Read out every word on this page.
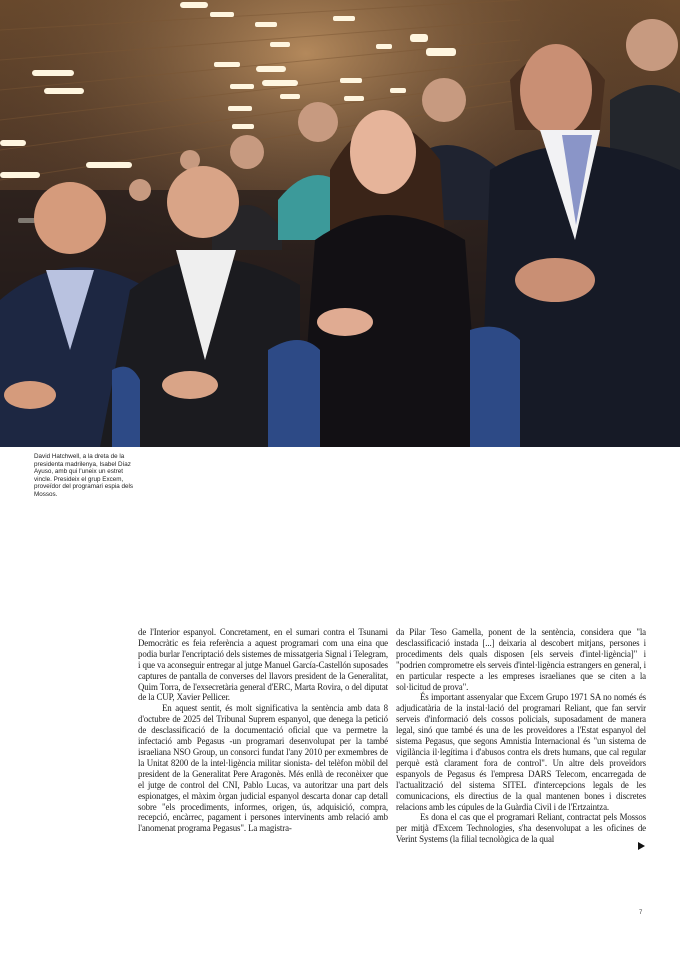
David Hatchwell, a la dreta de la presidenta madrilenya, Isabel Díaz Ayuso, amb qui l'uneix un estret vincle. Presideix el grup Excem, proveïdor del programari espia dels Mossos.

de l'Interior espanyol. Concretament, en el sumari contra el Tsunami Democràtic es feia referència a aquest programari com una eina que podia burlar l'encriptació dels sistemes de missatgeria Signal i Telegram, i que va aconseguir entregar al jutge Manuel García-Castellón suposades captures de pantalla de converses del llavors president de la Generalitat, Quim Torra, de l'exsecretària general d'ERC, Marta Rovira, o del diputat de la CUP, Xavier Pellicer.

En aquest sentit, és molt significativa la sentència amb data 8 d'octubre de 2025 del Tribunal Suprem espanyol, que denega la petició de desclassificació de la documentació oficial que va permetre la infectació amb Pegasus -un programari desenvolupat per la també israeliana NSO Group, un consorci fundat l'any 2010 per exmembres de la Unitat 8200 de la intel·ligència militar sionista- del telèfon mòbil del president de la Generalitat Pere Aragonès. Més enllà de reconèixer que el jutge de control del CNI, Pablo Lucas, va autoritzar una part dels espionatges, el màxim òrgan judicial espanyol descarta donar cap detall sobre "els procediments, informes, origen, ús, adquisició, compra, recepció, encàrrec, pagament i persones intervinents amb relació amb l'anomenat programa Pegasus". La magistra-

da Pilar Teso Gamella, ponent de la sentència, considera que "la desclassificació instada [...] deixaria al descobert mitjans, persones i procediments dels quals disposen [els serveis d'intel·ligència]" i "podrien comprometre els serveis d'intel·ligència estrangers en general, i en particular respecte a les empreses israelianes que se citen a la sol·licitud de prova".

És important assenyalar que Excem Grupo 1971 SA no només és adjudicatària de la instal·lació del programari Reliant, que fan servir serveis d'informació dels cossos policials, suposadament de manera legal, sinó que també és una de les proveïdores a l'Estat espanyol del sistema Pegasus, que segons Amnistia Internacional és "un sistema de vigilància il·legítima i d'abusos contra els drets humans, que cal regular perquè està clarament fora de control". Un altre dels proveïdors espanyols de Pegasus és l'empresa DARS Telecom, encarregada de l'actualització del sistema SITEL d'intercepcions legals de les comunicacions, els directius de la qual mantenen bones i discretes relacions amb les cúpules de la Guàrdia Civil i de l'Ertzaintza.

Es dona el cas que el programari Reliant, contractat pels Mossos per mitjà d'Excem Technologies, s'ha desenvolupat a les oficines de Verint Systems (la filial tecnològica de la qual

7
